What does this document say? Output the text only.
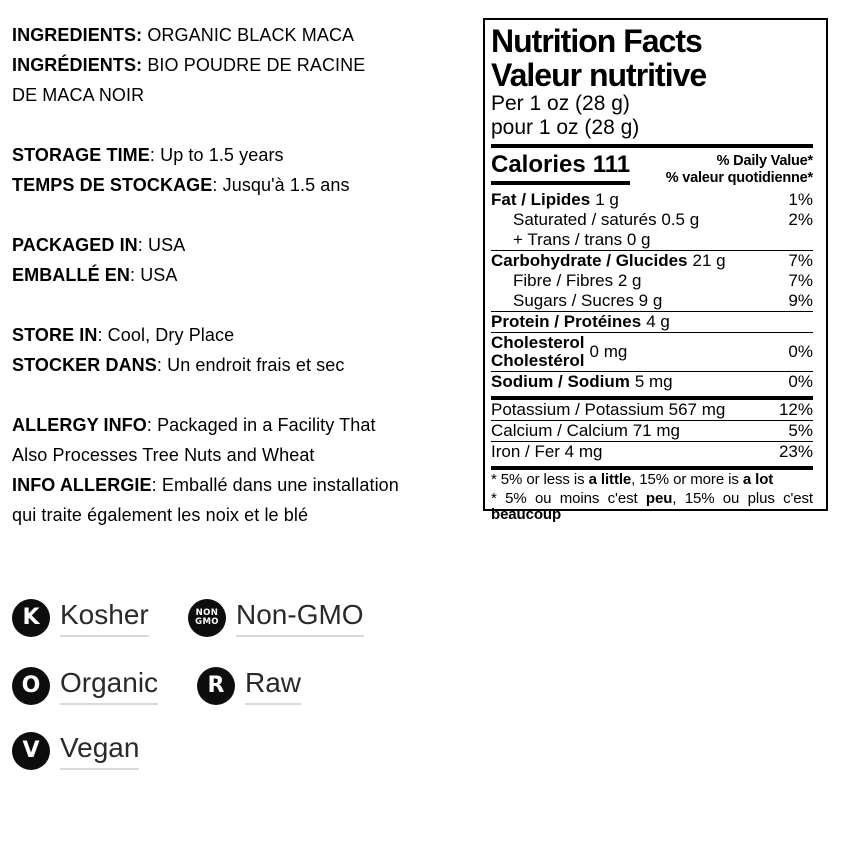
INGREDIENTS: ORGANIC BLACK MACA

INGRÉDIENTS: BIO POUDRE DE RACINE

DE MACA NOIR

STORAGE TIME: Up to 1.5 years

TEMPS DE STOCKAGE: Jusqu'à 1.5 ans

PACKAGED IN: USA

EMBALLÉ EN: USA

STORE IN: Cool, Dry Place

STOCKER DANS: Un endroit frais et sec

ALLERGY INFO: Packaged in a Facility That

Also Processes Tree Nuts and Wheat

INFO ALLERGIE: Emballé dans une installation

qui traite également les noix et le blé

Nutrition Facts
Valeur nutritive
Per 1 oz (28 g)
pour 1 oz (28 g)
Calories 111	% Daily Value*
% valeur quotidienne*
Fat / Lipides 1 g	1%
Saturated / saturés 0.5 g	2%
+ Trans / trans 0 g
Carbohydrate / Glucides 21 g	7%
Fibre / Fibres 2 g	7%
Sugars / Sucres 9 g	9%
Protein / Protéines 4 g
Cholesterol
Cholestérol 0 mg	0%
Sodium / Sodium 5 mg	0%
Potassium / Potassium 567 mg	12%
Calcium / Calcium 71 mg	5%
Iron / Fer 4 mg	23%

* 5% or less is a little, 15% or more is a lot

* 5% ou moins c'est peu, 15% ou plus c'est beaucoup

K Kosher	NON
GMO Non-GMO
O Organic R Raw
V Vegan
